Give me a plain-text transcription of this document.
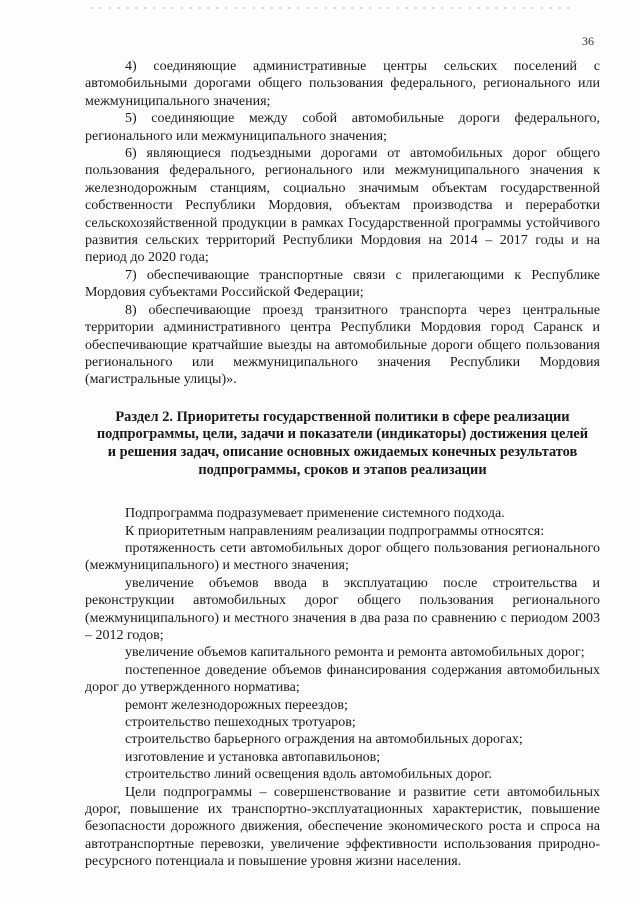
36

4) соединяющие административные центры сельских поселений с автомобильными дорогами общего пользования федерального, регионального или межмуниципального значения;

5) соединяющие между собой автомобильные дороги федерального, регионального или межмуниципального значения;

6) являющиеся подъездными дорогами от автомобильных дорог общего пользования федерального, регионального или межмуниципального значения к железнодорожным станциям, социально значимым объектам государственной собственности Республики Мордовия, объектам производства и переработки сельскохозяйственной продукции в рамках Государственной программы устойчивого развития сельских территорий Республики Мордовия на 2014 – 2017 годы и на период до 2020 года;

7) обеспечивающие транспортные связи с прилегающими к Республике Мордовия субъектами Российской Федерации;

8) обеспечивающие проезд транзитного транспорта через центральные территории административного центра Республики Мордовия город Саранск и обеспечивающие кратчайшие выезды на автомобильные дороги общего пользования регионального или межмуниципального значения Республики Мордовия (магистральные улицы)».

Раздел 2. Приоритеты государственной политики в сфере реализации подпрограммы, цели, задачи и показатели (индикаторы) достижения целей и решения задач, описание основных ожидаемых конечных результатов подпрограммы, сроков и этапов реализации

Подпрограмма подразумевает применение системного подхода.

К приоритетным направлениям реализации подпрограммы относятся:

протяженность сети автомобильных дорог общего пользования регионального (межмуниципального) и местного значения;

увеличение объемов ввода в эксплуатацию после строительства и реконструкции автомобильных дорог общего пользования регионального (межмуниципального) и местного значения в два раза по сравнению с периодом 2003 – 2012 годов;

увеличение объемов капитального ремонта и ремонта автомобильных дорог;

постепенное доведение объемов финансирования содержания автомобильных дорог до утвержденного норматива;

ремонт железнодорожных переездов;

строительство пешеходных тротуаров;

строительство барьерного ограждения на автомобильных дорогах;

изготовление и установка автопавильонов;

строительство линий освещения вдоль автомобильных дорог.

Цели подпрограммы – совершенствование и развитие сети автомобильных дорог, повышение их транспортно-эксплуатационных характеристик, повышение безопасности дорожного движения, обеспечение экономического роста и спроса на автотранспортные перевозки, увеличение эффективности использования природно-ресурсного потенциала и повышение уровня жизни населения.
